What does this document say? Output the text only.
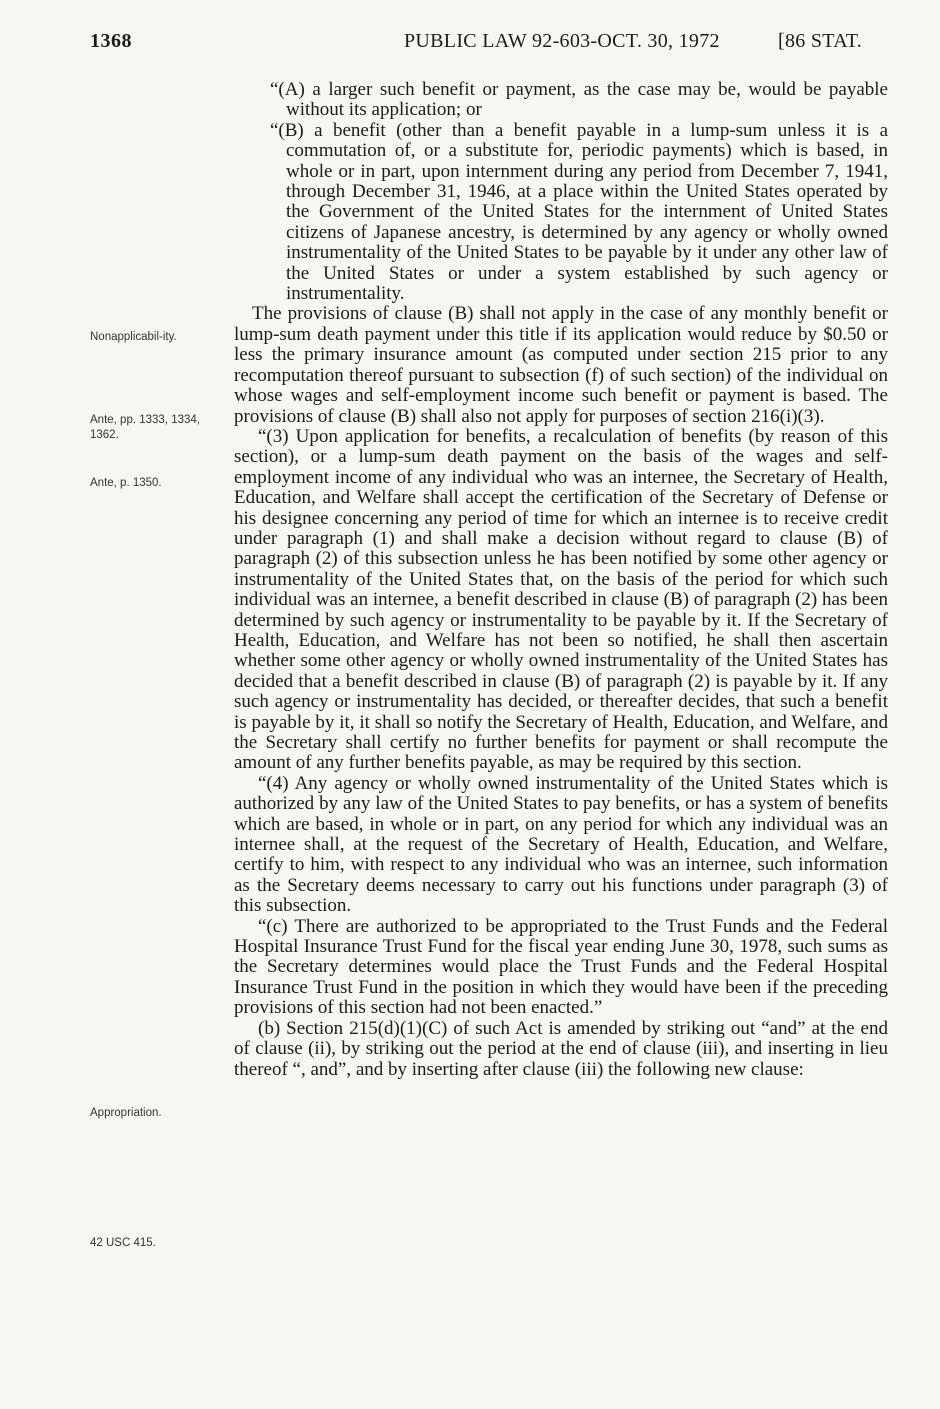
1368	PUBLIC LAW 92-603-OCT. 30, 1972	[86 STAT.
Nonapplicabil-ity.
Ante, pp. 1333, 1334, 1362.
Ante, p. 1350.
Appropriation.
42 USC 415.

“(A) a larger such benefit or payment, as the case may be, would be payable without its application; or

“(B) a benefit (other than a benefit payable in a lump-sum unless it is a commutation of, or a substitute for, periodic payments) which is based, in whole or in part, upon internment during any period from December 7, 1941, through December 31, 1946, at a place within the United States operated by the Government of the United States for the internment of United States citizens of Japanese ancestry, is determined by any agency or wholly owned instrumentality of the United States to be payable by it under any other law of the United States or under a system established by such agency or instrumentality.

The provisions of clause (B) shall not apply in the case of any monthly benefit or lump-sum death payment under this title if its application would reduce by $0.50 or less the primary insurance amount (as computed under section 215 prior to any recomputation thereof pursuant to subsection (f) of such section) of the individual on whose wages and self-employment income such benefit or payment is based. The provisions of clause (B) shall also not apply for purposes of section 216(i)(3).

“(3) Upon application for benefits, a recalculation of benefits (by reason of this section), or a lump-sum death payment on the basis of the wages and self-employment income of any individual who was an internee, the Secretary of Health, Education, and Welfare shall accept the certification of the Secretary of Defense or his designee concerning any period of time for which an internee is to receive credit under paragraph (1) and shall make a decision without regard to clause (B) of paragraph (2) of this subsection unless he has been notified by some other agency or instrumentality of the United States that, on the basis of the period for which such individual was an internee, a benefit described in clause (B) of paragraph (2) has been determined by such agency or instrumentality to be payable by it. If the Secretary of Health, Education, and Welfare has not been so notified, he shall then ascertain whether some other agency or wholly owned instrumentality of the United States has decided that a benefit described in clause (B) of paragraph (2) is payable by it. If any such agency or instrumentality has decided, or thereafter decides, that such a benefit is payable by it, it shall so notify the Secretary of Health, Education, and Welfare, and the Secretary shall certify no further benefits for payment or shall recompute the amount of any further benefits payable, as may be required by this section.

“(4) Any agency or wholly owned instrumentality of the United States which is authorized by any law of the United States to pay benefits, or has a system of benefits which are based, in whole or in part, on any period for which any individual was an internee shall, at the request of the Secretary of Health, Education, and Welfare, certify to him, with respect to any individual who was an internee, such information as the Secretary deems necessary to carry out his functions under paragraph (3) of this subsection.

“(c) There are authorized to be appropriated to the Trust Funds and the Federal Hospital Insurance Trust Fund for the fiscal year ending June 30, 1978, such sums as the Secretary determines would place the Trust Funds and the Federal Hospital Insurance Trust Fund in the position in which they would have been if the preceding provisions of this section had not been enacted.”

(b) Section 215(d)(1)(C) of such Act is amended by striking out “and” at the end of clause (ii), by striking out the period at the end of clause (iii), and inserting in lieu thereof “, and”, and by inserting after clause (iii) the following new clause:
